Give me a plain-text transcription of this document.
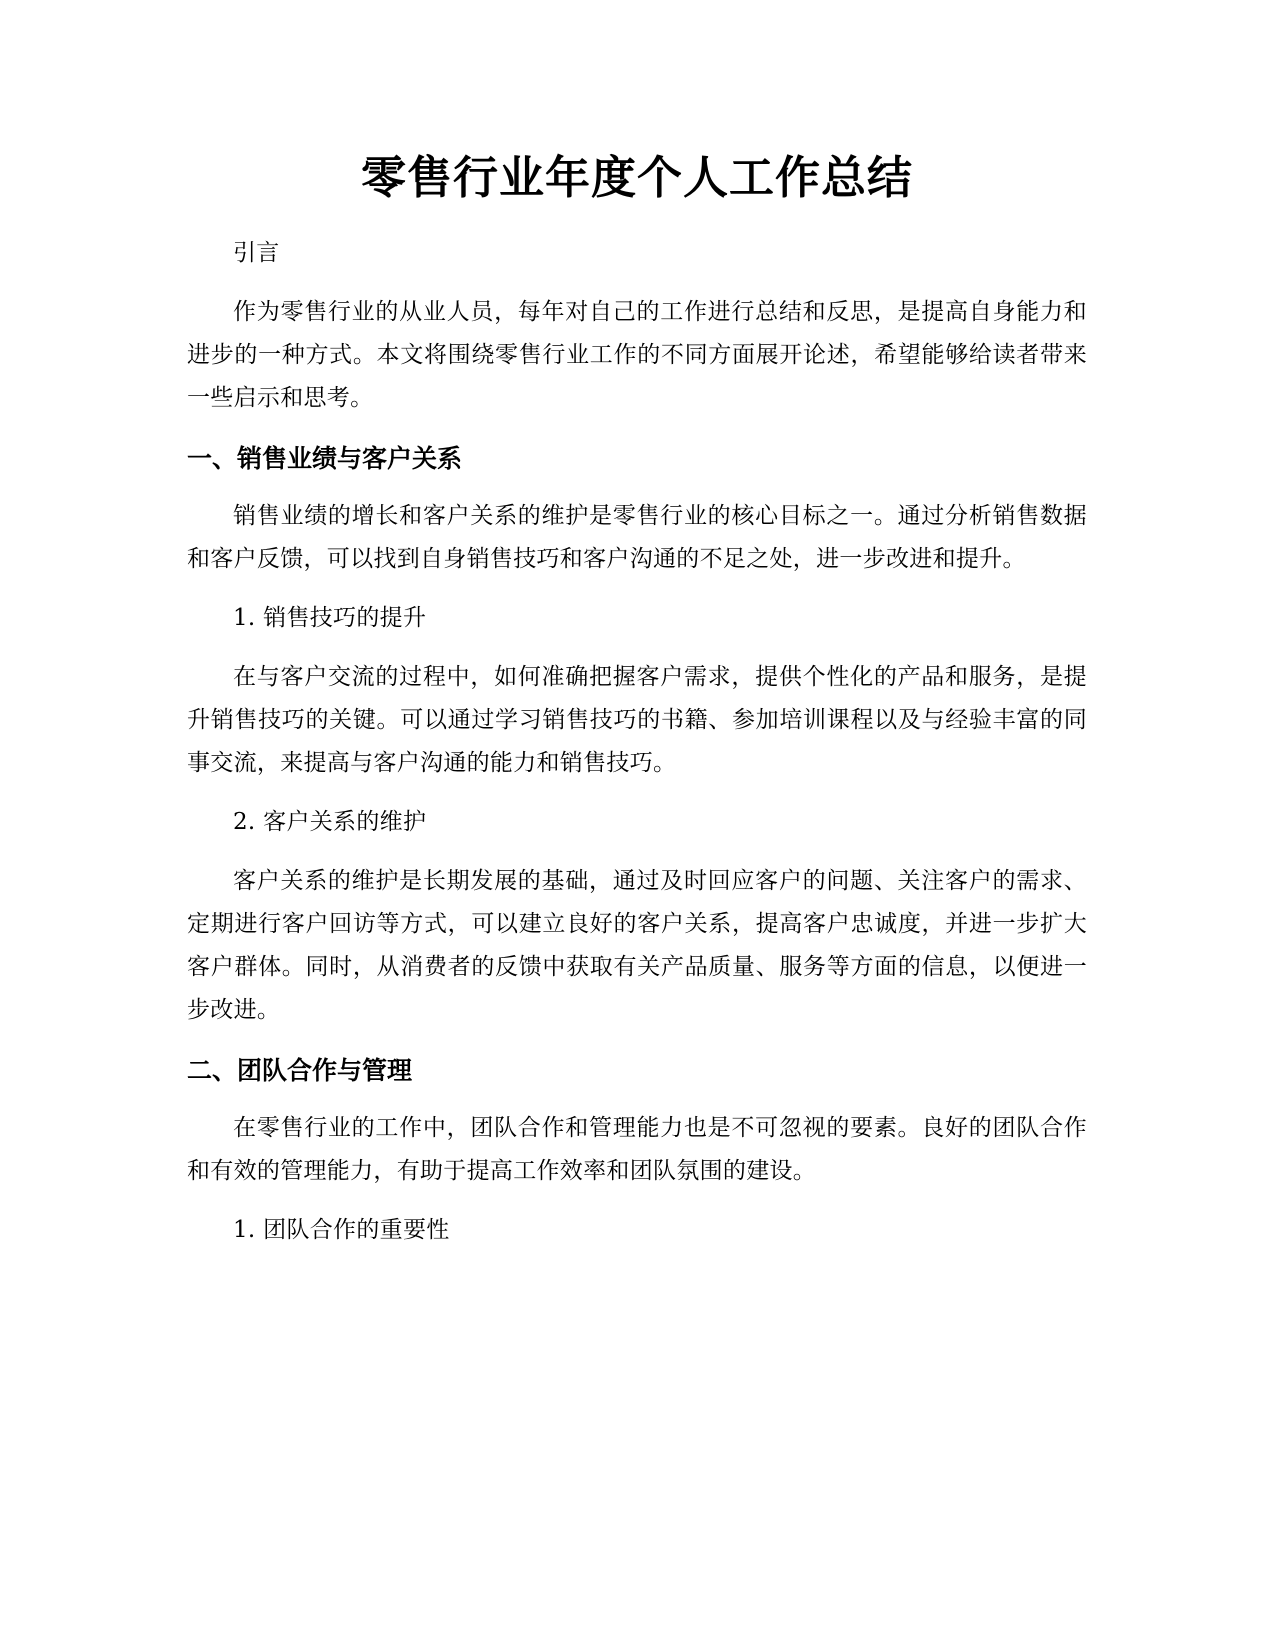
零售行业年度个人工作总结

引言

作为零售行业的从业人员，每年对自己的工作进行总结和反思，是提高自身能力和进步的一种方式。本文将围绕零售行业工作的不同方面展开论述，希望能够给读者带来一些启示和思考。

一、销售业绩与客户关系

销售业绩的增长和客户关系的维护是零售行业的核心目标之一。通过分析销售数据和客户反馈，可以找到自身销售技巧和客户沟通的不足之处，进一步改进和提升。

1. 销售技巧的提升

在与客户交流的过程中，如何准确把握客户需求，提供个性化的产品和服务，是提升销售技巧的关键。可以通过学习销售技巧的书籍、参加培训课程以及与经验丰富的同事交流，来提高与客户沟通的能力和销售技巧。

2. 客户关系的维护

客户关系的维护是长期发展的基础，通过及时回应客户的问题、关注客户的需求、定期进行客户回访等方式，可以建立良好的客户关系，提高客户忠诚度，并进一步扩大客户群体。同时，从消费者的反馈中获取有关产品质量、服务等方面的信息，以便进一步改进。

二、团队合作与管理

在零售行业的工作中，团队合作和管理能力也是不可忽视的要素。良好的团队合作和有效的管理能力，有助于提高工作效率和团队氛围的建设。

1. 团队合作的重要性
